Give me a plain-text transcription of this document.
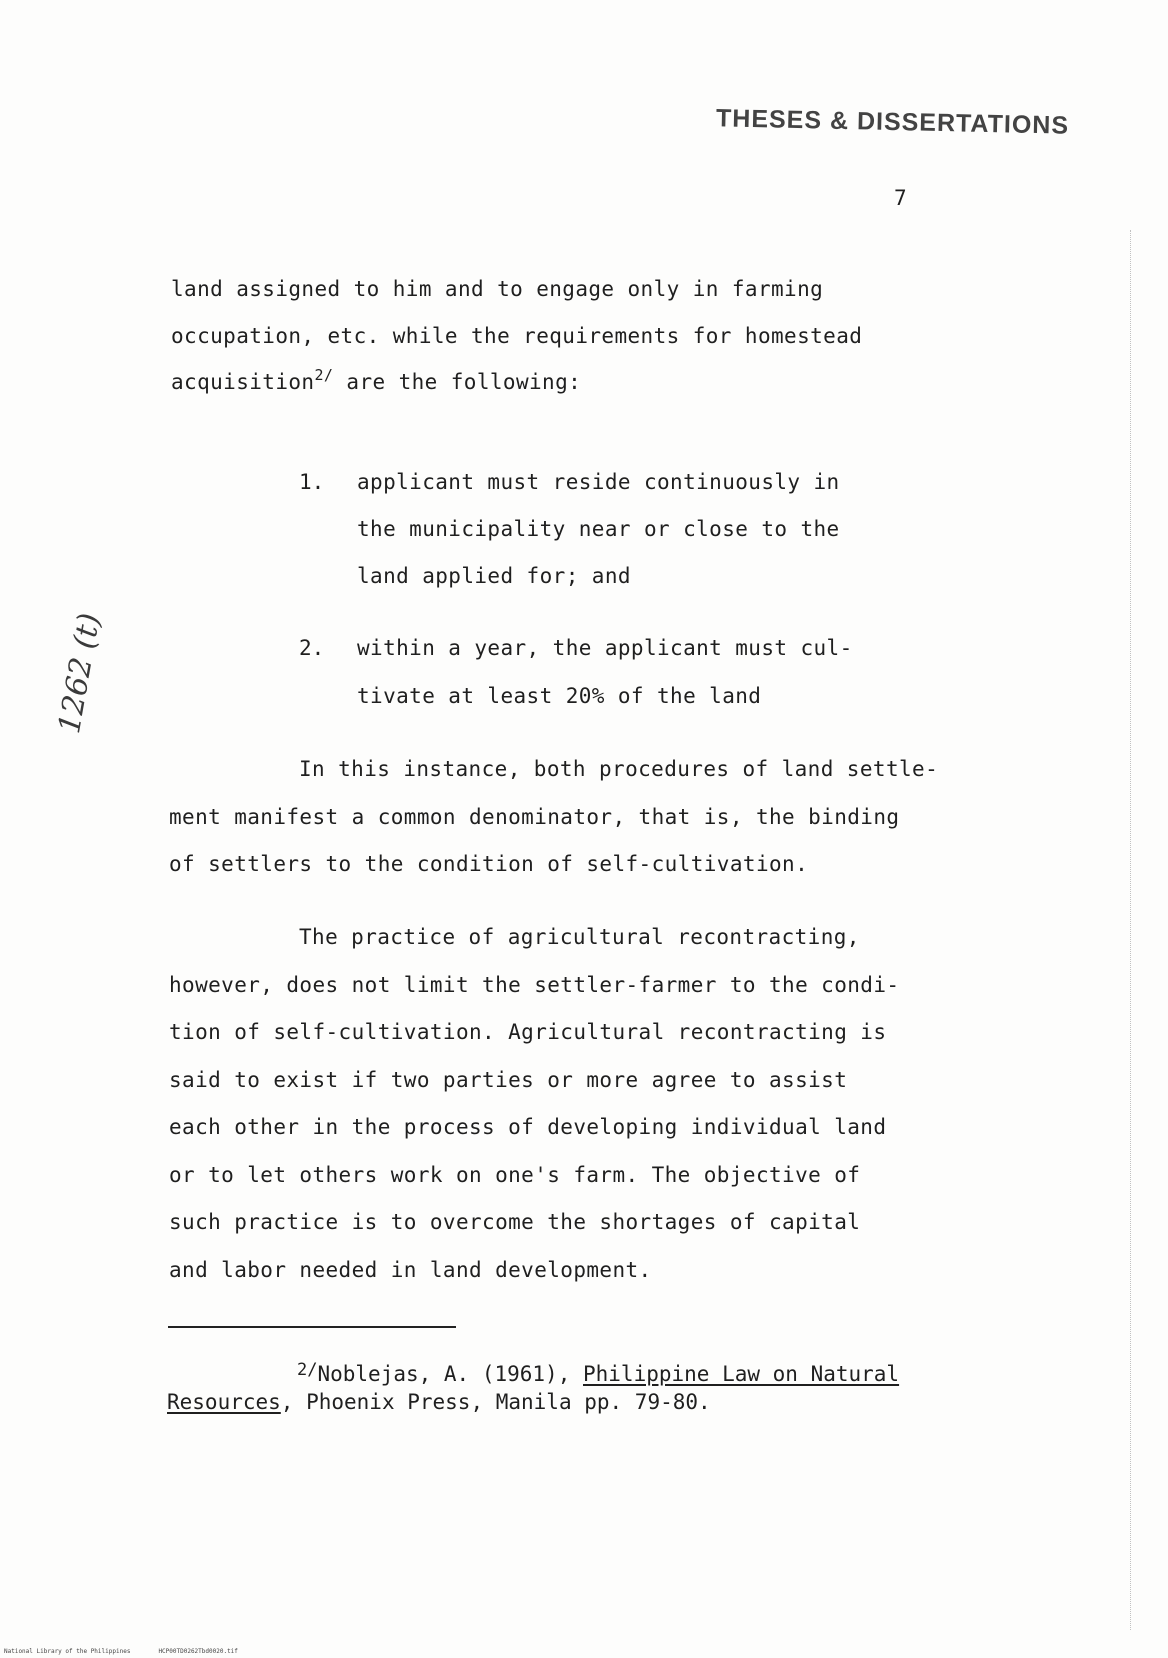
THESES & DISSERTATIONS
7
1262 (t)
land assigned to him and to engage only in farming
occupation, etc. while the requirements for homestead
acquisition$^{2/}$ are the following:
1. applicant must reside continuously in
the municipality near or close to the
land applied for; and
2. within a year, the applicant must cul-
tivate at least 20% of the land
In this instance, both procedures of land settle-
ment manifest a common denominator, that is, the binding
of settlers to the condition of self-cultivation.
The practice of agricultural recontracting,
however, does not limit the settler-farmer to the condi-
tion of self-cultivation. Agricultural recontracting is
said to exist if two parties or more agree to assist
each other in the process of developing individual land
or to let others work on one's farm. The objective of
such practice is to overcome the shortages of capital
and labor needed in land development.
$^{2/}$Noblejas, A. (1961), Philippine Law on Natural
Resources, Phoenix Press, Manila pp. 79-80.
National Library of the Philippines	HCP00TD0262Tbd0020.tif
